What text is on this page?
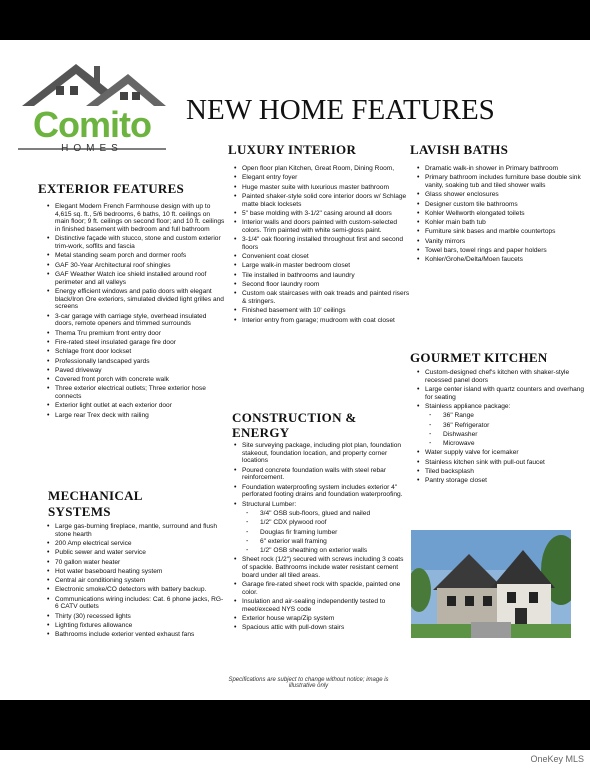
Comito
HOMES
NEW HOME FEATURES
EXTERIOR FEATURES
• Elegant Modern French Farmhouse design with up to 4,615 sq. ft., 5/6 bedrooms, 6 baths, 10 ft. ceilings on main floor; 9 ft. ceilings on second floor; and 10 ft. ceilings in finished basement with bedroom and full bathroom
• Distinctive façade with stucco, stone and custom exterior trim-work, soffits and fascia
• Metal standing seam porch and dormer roofs
• GAF 30-Year Architectural roof shingles
• GAF Weather Watch ice shield installed around roof perimeter and all valleys
• Energy efficient windows and patio doors with elegant black/Iron Ore exteriors, simulated divided light grilles and screens
• 3-car garage with carriage style, overhead insulated doors, remote openers and trimmed surrounds
• Thema Tru premium front entry door
• Fire-rated steel insulated garage fire door
• Schlage front door lockset
• Professionally landscaped yards
• Paved driveway
• Covered front porch with concrete walk
• Three exterior electrical outlets; Three exterior hose connects
• Exterior light outlet at each exterior door
• Large rear Trex deck with railing
MECHANICAL SYSTEMS
• Large gas-burning fireplace, mantle, surround and flush stone hearth
• 200 Amp electrical service
• Public sewer and water service
• 70 gallon water heater
• Hot water baseboard heating system
• Central air conditioning system
• Electronic smoke/CO detectors with battery backup.
• Communications wiring includes: Cat. 6 phone jacks, RG-6 CATV outlets
• Thirty (30) recessed lights
• Lighting fixtures allowance
• Bathrooms include exterior vented exhaust fans
LUXURY INTERIOR
• Open floor plan Kitchen, Great Room, Dining Room,
• Elegant entry foyer
• Huge master suite with luxurious master bathroom
• Painted shaker-style solid core interior doors w/ Schlage matte black locksets
• 5" base molding with 3-1/2" casing around all doors
• Interior walls and doors painted with custom-selected colors. Trim painted with white semi-gloss paint.
• 3-1/4" oak flooring installed throughout first and second floors
• Convenient coat closet
• Large walk-in master bedroom closet
• Tile installed in bathrooms and laundry
• Second floor laundry room
• Custom oak staircases with oak treads and painted risers & stringers.
• Finished basement with 10' ceilings
• Interior entry from garage; mudroom with coat closet
CONSTRUCTION & ENERGY
• Site surveying package, including plot plan, foundation stakeout, foundation location, and property corner locations
• Poured concrete foundation walls with steel rebar reinforcement.
• Foundation waterproofing system includes exterior 4" perforated footing drains and foundation waterproofing.
• Structural Lumber:
- 3/4" OSB sub-floors, glued and nailed
- 1/2" CDX plywood roof
- Douglas fir framing lumber
- 6" exterior wall framing
- 1/2" OSB sheathing on exterior walls
• Sheet rock (1/2") secured with screws including 3 coats of spackle. Bathrooms include water resistant cement board under all tiled areas.
• Garage fire-rated sheet rock with spackle, painted one color.
• Insulation and air-sealing independently tested to meet/exceed NYS code
• Exterior house wrap/Zip system
• Spacious attic with pull-down stairs
LAVISH BATHS
• Dramatic walk-in shower in Primary bathroom
• Primary bathroom includes furniture base double sink vanity, soaking tub and tiled shower walls
• Glass shower enclosures
• Designer custom tile bathrooms
• Kohler Wellworth elongated toilets
• Kohler main bath tub
• Furniture sink bases and marble countertops
• Vanity mirrors
• Towel bars, towel rings and paper holders
• Kohler/Grohe/Delta/Moen faucets
GOURMET KITCHEN
• Custom-designed chef's kitchen with shaker-style recessed panel doors
• Large center island with quartz counters and overhang for seating
• Stainless appliance package:
- 36" Range
- 36" Refrigerator
- Dishwasher
- Microwave
• Water supply valve for icemaker
• Stainless kitchen sink with pull-out faucet
• Tiled backsplash
• Pantry storage closet
Specifications are subject to change without notice; image is illustrative only
OneKey MLS
